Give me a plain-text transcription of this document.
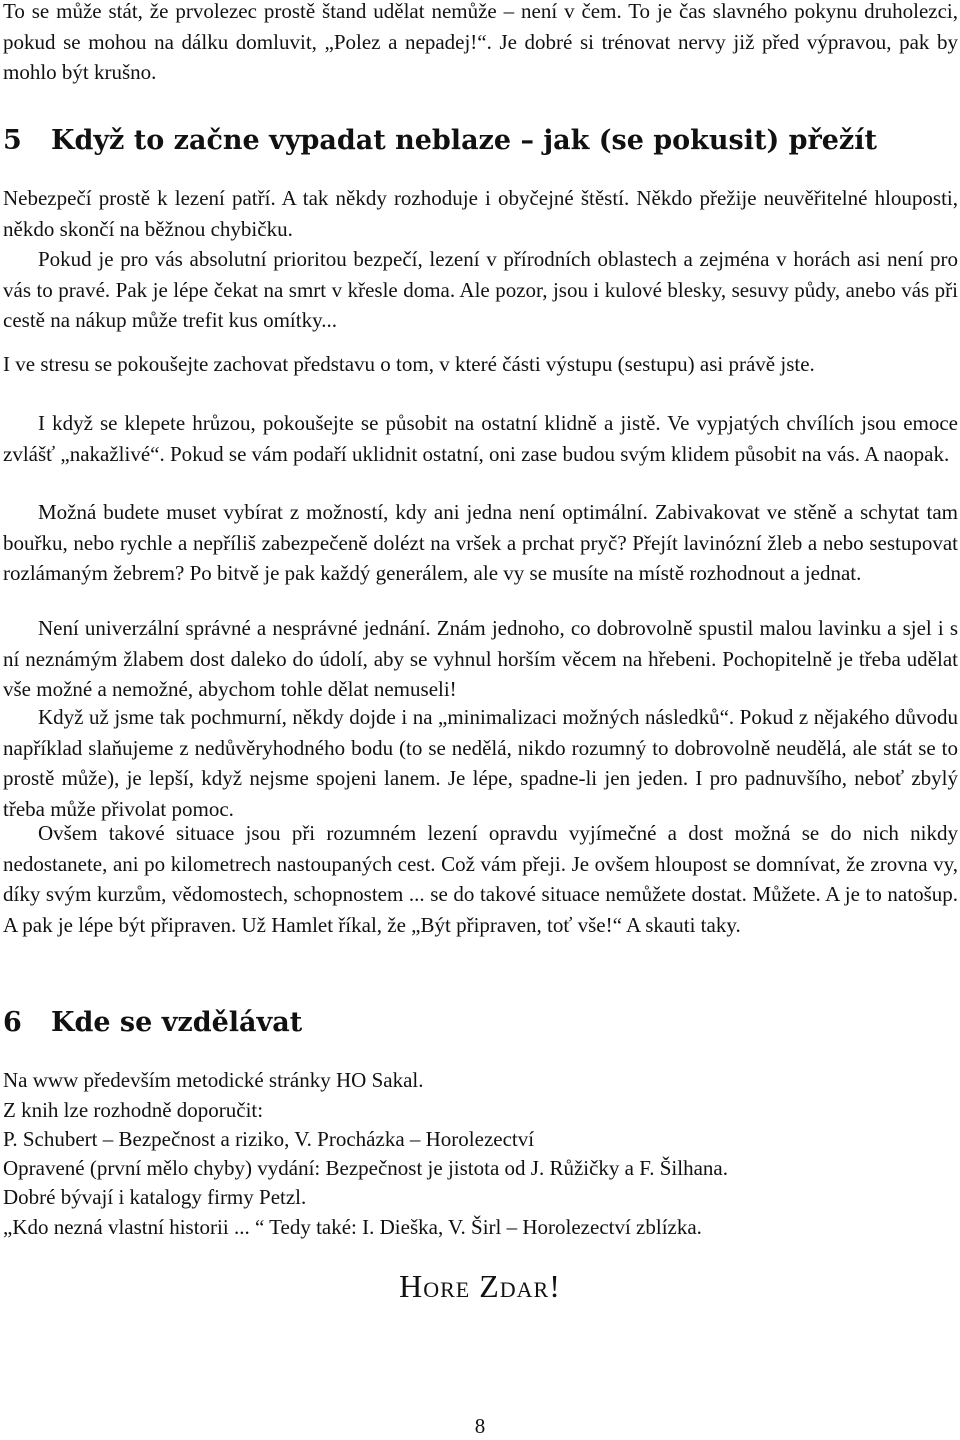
To se může stát, že prvolezec prostě štand udělat nemůže – není v čem. To je čas slavného pokynu druholezci, pokud se mohou na dálku domluvit, „Polez a nepadej!“. Je dobré si trénovat nervy již před výpravou, pak by mohlo být krušno.

5 Když to začne vypadat neblaze – jak (se pokusit) přežít

Nebezpečí prostě k lezení patří. A tak někdy rozhoduje i obyčejné štěstí. Někdo přežije neuvěřitelné hlouposti, někdo skončí na běžnou chybičku.

Pokud je pro vás absolutní prioritou bezpečí, lezení v přírodních oblastech a zejména v horách asi není pro vás to pravé. Pak je lépe čekat na smrt v křesle doma. Ale pozor, jsou i kulové blesky, sesuvy půdy, anebo vás při cestě na nákup může trefit kus omítky...

I ve stresu se pokoušejte zachovat představu o tom, v které části výstupu (sestupu) asi právě jste.

I když se klepete hrůzou, pokoušejte se působit na ostatní klidně a jistě. Ve vypjatých chvílích jsou emoce zvlášť „nakažlivé“. Pokud se vám podaří uklidnit ostatní, oni zase budou svým klidem působit na vás. A naopak.

Možná budete muset vybírat z možností, kdy ani jedna není optimální. Zabivakovat ve stěně a schytat tam bouřku, nebo rychle a nepříliš zabezpečeně dolézt na vršek a prchat pryč? Přejít lavinózní žleb a nebo sestupovat rozlámaným žebrem? Po bitvě je pak každý generálem, ale vy se musíte na místě rozhodnout a jednat.

Není univerzální správné a nesprávné jednání. Znám jednoho, co dobrovolně spustil malou lavinku a sjel i s ní neznámým žlabem dost daleko do údolí, aby se vyhnul horším věcem na hřebeni. Pochopitelně je třeba udělat vše možné a nemožné, abychom tohle dělat nemuseli!

Když už jsme tak pochmurní, někdy dojde i na „minimalizaci možných následků“. Pokud z nějakého důvodu například slaňujeme z nedůvěryhodného bodu (to se nedělá, nikdo rozumný to dobrovolně neudělá, ale stát se to prostě může), je lepší, když nejsme spojeni lanem. Je lépe, spadne-li jen jeden. I pro padnuvšího, neboť zbylý třeba může přivolat pomoc.

Ovšem takové situace jsou při rozumném lezení opravdu vyjímečné a dost možná se do nich nikdy nedostanete, ani po kilometrech nastoupaných cest. Což vám přeji. Je ovšem hloupost se domnívat, že zrovna vy, díky svým kurzům, vědomostech, schopnostem ... se do takové situace nemůžete dostat. Můžete. A je to natošup. A pak je lépe být připraven. Už Hamlet říkal, že „Být připraven, toť vše!“ A skauti taky.

6 Kde se vzdělávat

Na www především metodické stránky HO Sakal.

Z knih lze rozhodně doporučit:

P. Schubert – Bezpečnost a riziko, V. Procházka – Horolezectví

Opravené (první mělo chyby) vydání: Bezpečnost je jistota od J. Růžičky a F. Šilhana.

Dobré bývají i katalogy firmy Petzl.

„Kdo nezná vlastní historii ... “ Tedy také: I. Dieška, V. Širl – Horolezectví zblízka.

Hore Zdar!

8
